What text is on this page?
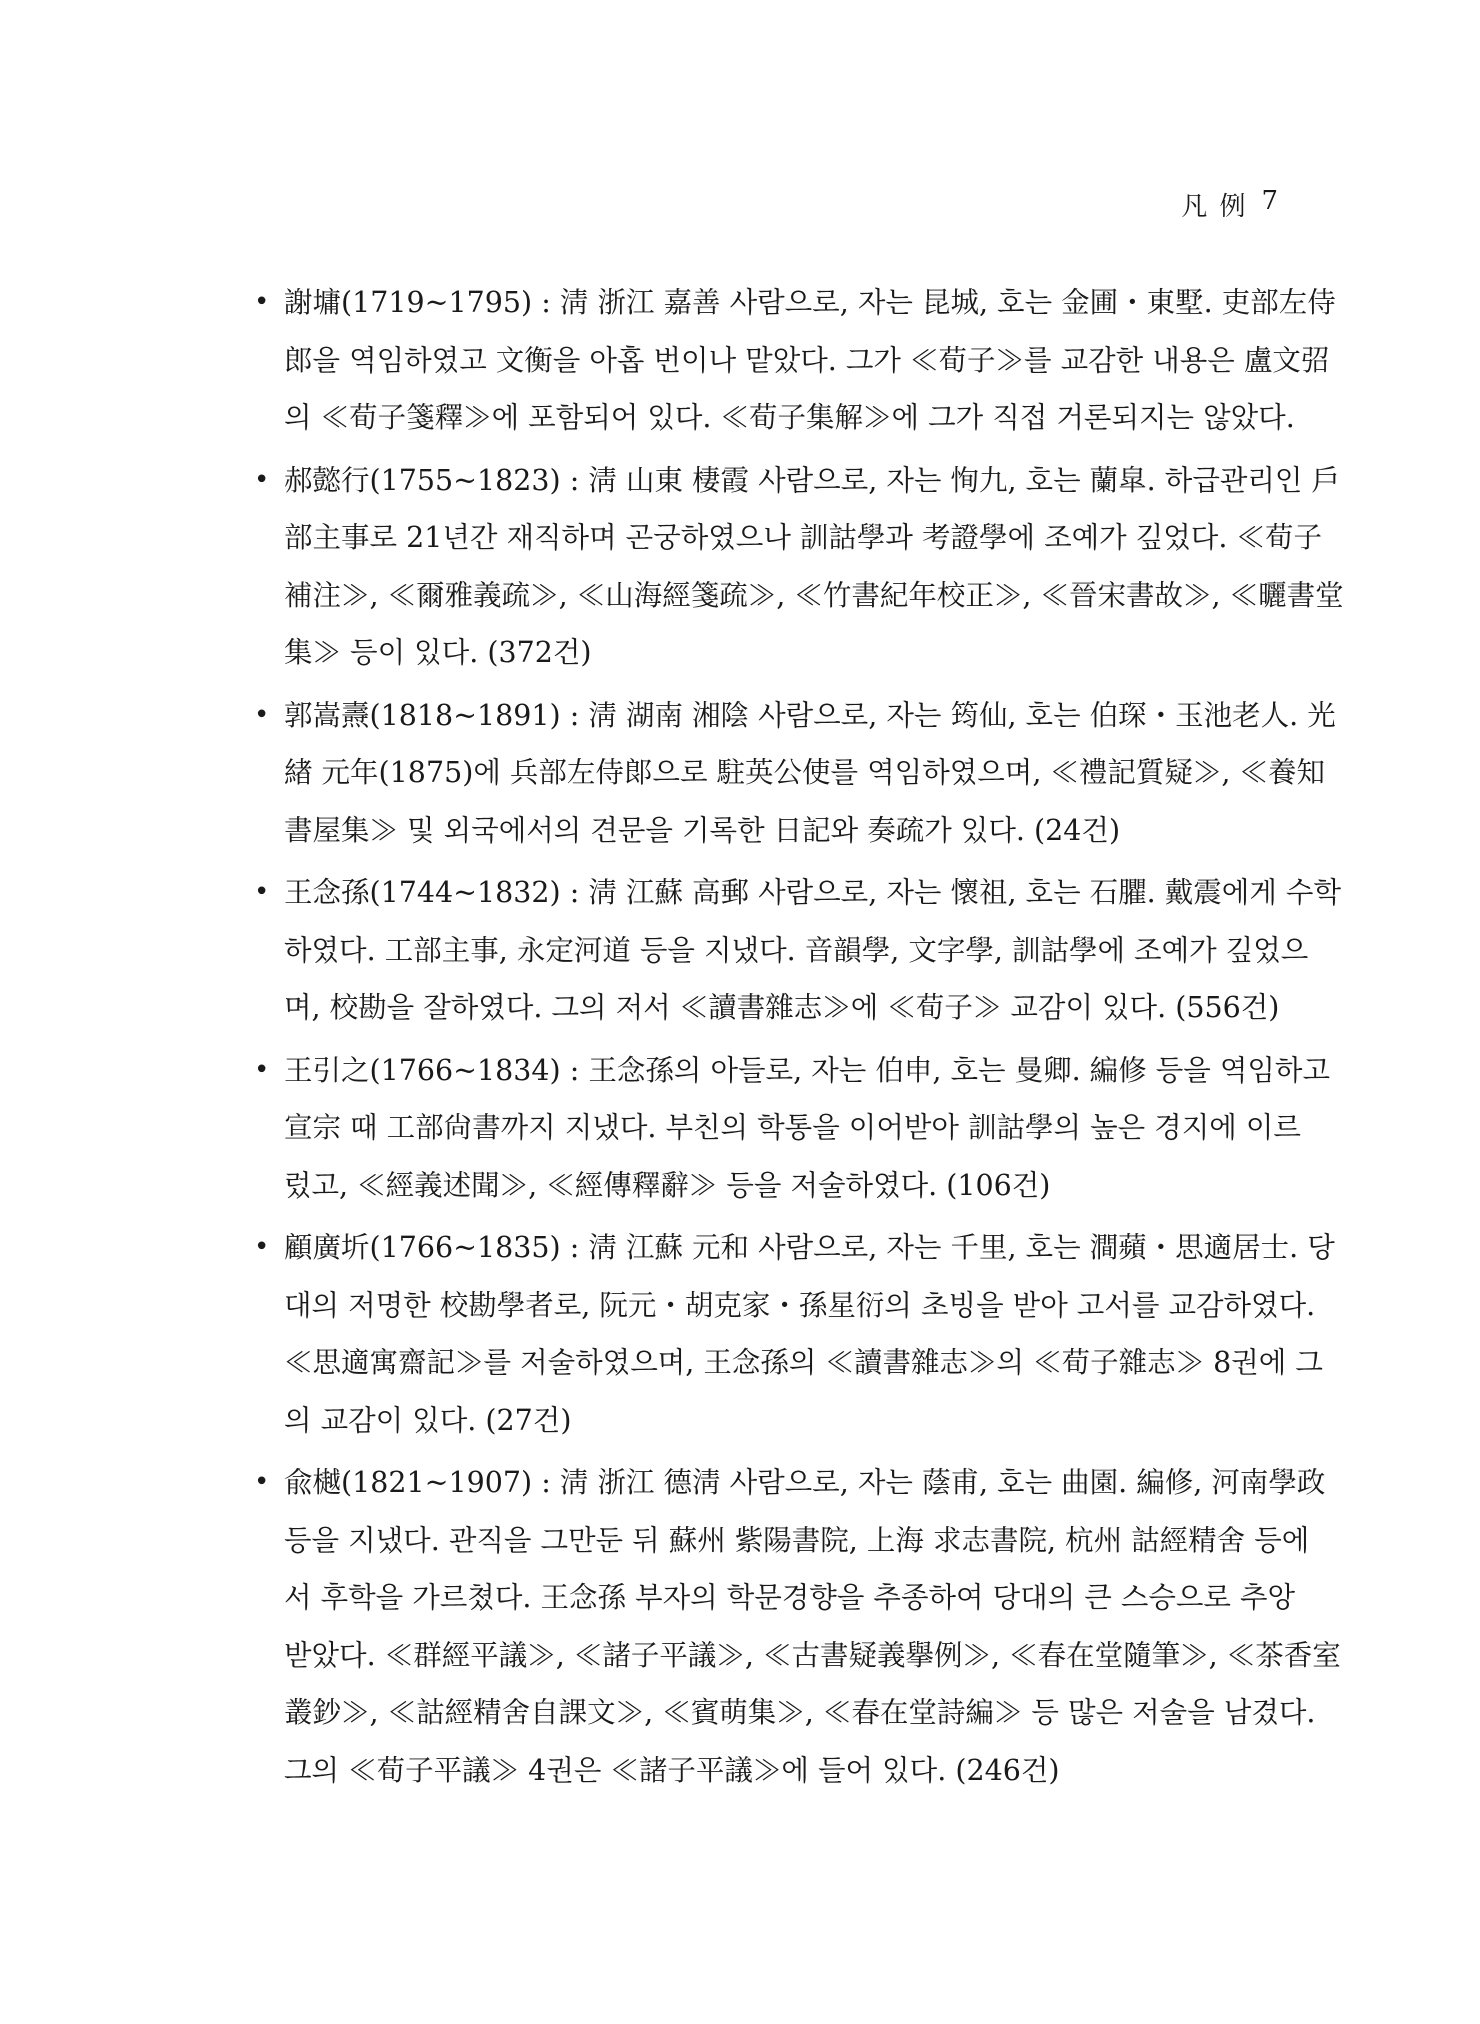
凡 例 7
• 謝墉(1719~1795) : 淸 浙江 嘉善 사람으로, 자는 昆城, 호는 金圃・東墅. 吏部左侍
郎을 역임하였고 文衡을 아홉 번이나 맡았다. 그가 ≪荀子≫를 교감한 내용은 盧文弨
의 ≪荀子箋釋≫에 포함되어 있다. ≪荀子集解≫에 그가 직접 거론되지는 않았다.
• 郝懿行(1755~1823) : 淸 山東 棲霞 사람으로, 자는 恂九, 호는 蘭皐. 하급관리인 戶
部主事로 21년간 재직하며 곤궁하였으나 訓詁學과 考證學에 조예가 깊었다. ≪荀子
補注≫, ≪爾雅義疏≫, ≪山海經箋疏≫, ≪竹書紀年校正≫, ≪晉宋書故≫, ≪曬書堂
集≫ 등이 있다. (372건)
• 郭嵩燾(1818~1891) : 淸 湖南 湘陰 사람으로, 자는 筠仙, 호는 伯琛・玉池老人. 光
緖 元年(1875)에 兵部左侍郞으로 駐英公使를 역임하였으며, ≪禮記質疑≫, ≪養知
書屋集≫ 및 외국에서의 견문을 기록한 日記와 奏疏가 있다. (24건)
• 王念孫(1744~1832) : 淸 江蘇 高郵 사람으로, 자는 懷祖, 호는 石臞. 戴震에게 수학
하였다. 工部主事, 永定河道 등을 지냈다. 音韻學, 文字學, 訓詁學에 조예가 깊었으
며, 校勘을 잘하였다. 그의 저서 ≪讀書雜志≫에 ≪荀子≫ 교감이 있다. (556건)
• 王引之(1766~1834) : 王念孫의 아들로, 자는 伯申, 호는 曼卿. 編修 등을 역임하고
宣宗 때 工部尙書까지 지냈다. 부친의 학통을 이어받아 訓詁學의 높은 경지에 이르
렀고, ≪經義述聞≫, ≪經傳釋辭≫ 등을 저술하였다. (106건)
• 顧廣圻(1766~1835) : 淸 江蘇 元和 사람으로, 자는 千里, 호는 澗蘋・思適居士. 당
대의 저명한 校勘學者로, 阮元・胡克家・孫星衍의 초빙을 받아 고서를 교감하였다.
≪思適寓齋記≫를 저술하였으며, 王念孫의 ≪讀書雜志≫의 ≪荀子雜志≫ 8권에 그
의 교감이 있다. (27건)
• 兪樾(1821~1907) : 淸 浙江 德淸 사람으로, 자는 蔭甫, 호는 曲園. 編修, 河南學政
등을 지냈다. 관직을 그만둔 뒤 蘇州 紫陽書院, 上海 求志書院, 杭州 詁經精舍 등에
서 후학을 가르쳤다. 王念孫 부자의 학문경향을 추종하여 당대의 큰 스승으로 추앙
받았다. ≪群經平議≫, ≪諸子平議≫, ≪古書疑義擧例≫, ≪春在堂隨筆≫, ≪茶香室
叢鈔≫, ≪詁經精舍自課文≫, ≪賓萌集≫, ≪春在堂詩編≫ 등 많은 저술을 남겼다.
그의 ≪荀子平議≫ 4권은 ≪諸子平議≫에 들어 있다. (246건)
